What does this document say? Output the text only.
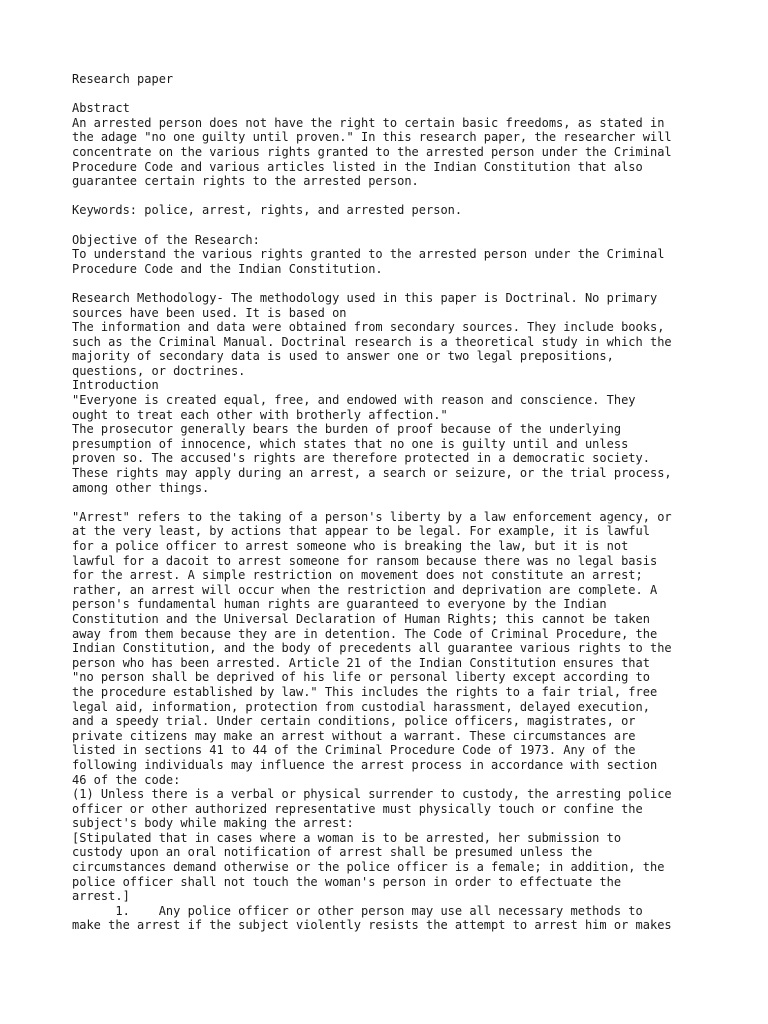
Research paper
Abstract
An arrested person does not have the right to certain basic freedoms, as stated in
the adage "no one guilty until proven." In this research paper, the researcher will
concentrate on the various rights granted to the arrested person under the Criminal
Procedure Code and various articles listed in the Indian Constitution that also
guarantee certain rights to the arrested person.
Keywords: police, arrest, rights, and arrested person.
Objective of the Research:
To understand the various rights granted to the arrested person under the Criminal
Procedure Code and the Indian Constitution.
Research Methodology- The methodology used in this paper is Doctrinal. No primary
sources have been used. It is based on
The information and data were obtained from secondary sources. They include books,
such as the Criminal Manual. Doctrinal research is a theoretical study in which the
majority of secondary data is used to answer one or two legal prepositions,
questions, or doctrines.
Introduction
"Everyone is created equal, free, and endowed with reason and conscience. They
ought to treat each other with brotherly affection."
The prosecutor generally bears the burden of proof because of the underlying
presumption of innocence, which states that no one is guilty until and unless
proven so. The accused's rights are therefore protected in a democratic society.
These rights may apply during an arrest, a search or seizure, or the trial process,
among other things.
"Arrest" refers to the taking of a person's liberty by a law enforcement agency, or
at the very least, by actions that appear to be legal. For example, it is lawful
for a police officer to arrest someone who is breaking the law, but it is not
lawful for a dacoit to arrest someone for ransom because there was no legal basis
for the arrest. A simple restriction on movement does not constitute an arrest;
rather, an arrest will occur when the restriction and deprivation are complete. A
person's fundamental human rights are guaranteed to everyone by the Indian
Constitution and the Universal Declaration of Human Rights; this cannot be taken
away from them because they are in detention. The Code of Criminal Procedure, the
Indian Constitution, and the body of precedents all guarantee various rights to the
person who has been arrested. Article 21 of the Indian Constitution ensures that
"no person shall be deprived of his life or personal liberty except according to
the procedure established by law." This includes the rights to a fair trial, free
legal aid, information, protection from custodial harassment, delayed execution,
and a speedy trial. Under certain conditions, police officers, magistrates, or
private citizens may make an arrest without a warrant. These circumstances are
listed in sections 41 to 44 of the Criminal Procedure Code of 1973. Any of the
following individuals may influence the arrest process in accordance with section
46 of the code:
(1) Unless there is a verbal or physical surrender to custody, the arresting police
officer or other authorized representative must physically touch or confine the
subject's body while making the arrest:
[Stipulated that in cases where a woman is to be arrested, her submission to
custody upon an oral notification of arrest shall be presumed unless the
circumstances demand otherwise or the police officer is a female; in addition, the
police officer shall not touch the woman's person in order to effectuate the
arrest.]
1.    Any police officer or other person may use all necessary methods to
make the arrest if the subject violently resists the attempt to arrest him or makes
